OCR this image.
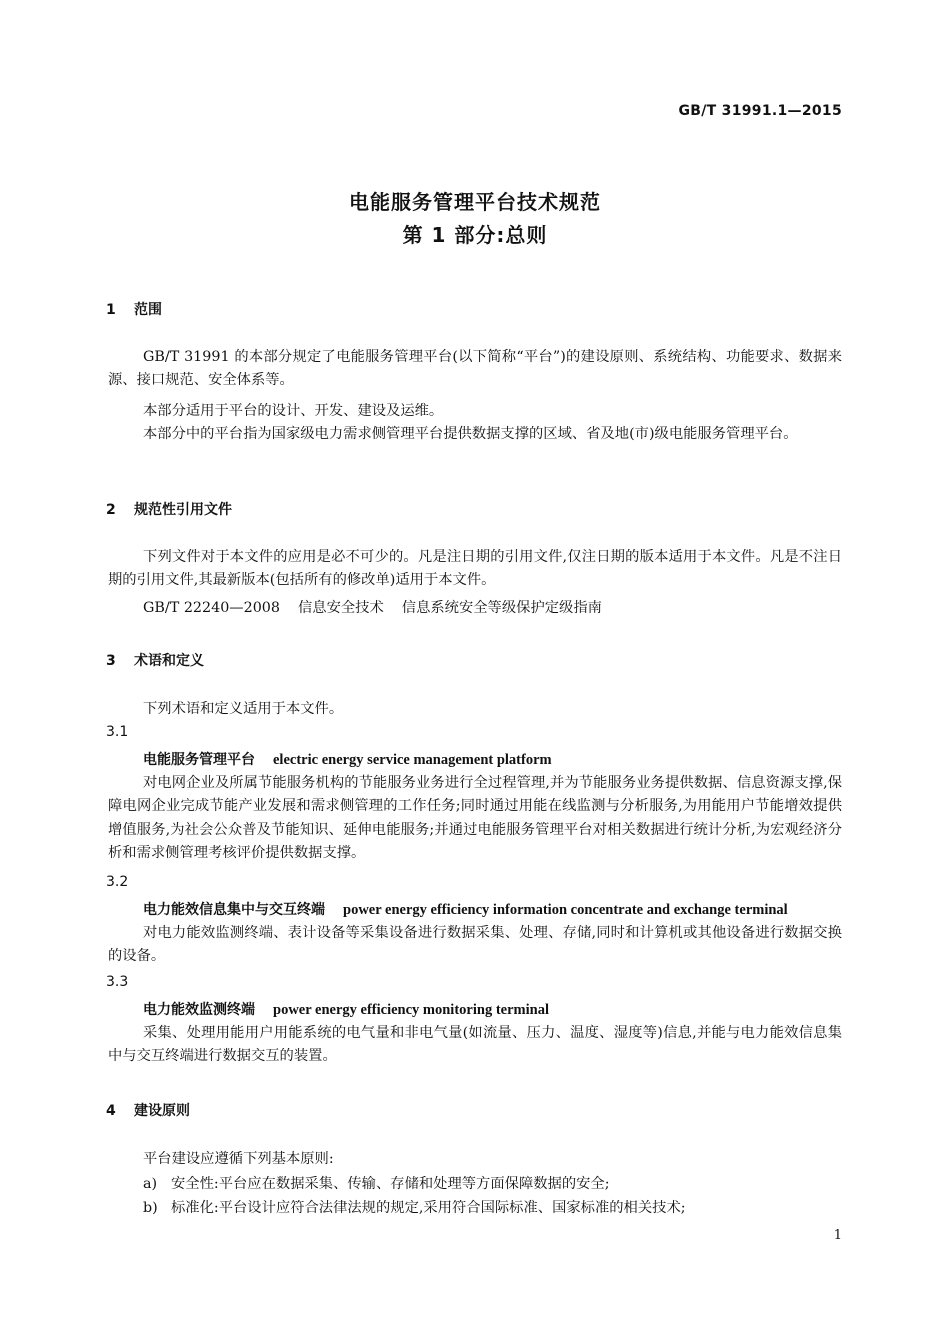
GB/T 31991.1—2015
电能服务管理平台技术规范
第 1 部分:总则
1 范围
GB/T 31991 的本部分规定了电能服务管理平台(以下简称“平台”)的建设原则、系统结构、功能要求、数据来源、接口规范、安全体系等。
本部分适用于平台的设计、开发、建设及运维。
本部分中的平台指为国家级电力需求侧管理平台提供数据支撑的区域、省及地(市)级电能服务管理平台。
2 规范性引用文件
下列文件对于本文件的应用是必不可少的。凡是注日期的引用文件,仅注日期的版本适用于本文件。凡是不注日期的引用文件,其最新版本(包括所有的修改单)适用于本文件。
GB/T 22240—2008 信息安全技术 信息系统安全等级保护定级指南
3 术语和定义
下列术语和定义适用于本文件。
3.1
电能服务管理平台 electric energy service management platform
对电网企业及所属节能服务机构的节能服务业务进行全过程管理,并为节能服务业务提供数据、信息资源支撑,保障电网企业完成节能产业发展和需求侧管理的工作任务;同时通过用能在线监测与分析服务,为用能用户节能增效提供增值服务,为社会公众普及节能知识、延伸电能服务;并通过电能服务管理平台对相关数据进行统计分析,为宏观经济分析和需求侧管理考核评价提供数据支撑。
3.2
电力能效信息集中与交互终端 power energy efficiency information concentrate and exchange terminal
对电力能效监测终端、表计设备等采集设备进行数据采集、处理、存储,同时和计算机或其他设备进行数据交换的设备。
3.3
电力能效监测终端 power energy efficiency monitoring terminal
采集、处理用能用户用能系统的电气量和非电气量(如流量、压力、温度、湿度等)信息,并能与电力能效信息集中与交互终端进行数据交互的装置。
4 建设原则
平台建设应遵循下列基本原则:
a) 安全性:平台应在数据采集、传输、存储和处理等方面保障数据的安全;
b) 标准化:平台设计应符合法律法规的规定,采用符合国际标准、国家标准的相关技术;
1
